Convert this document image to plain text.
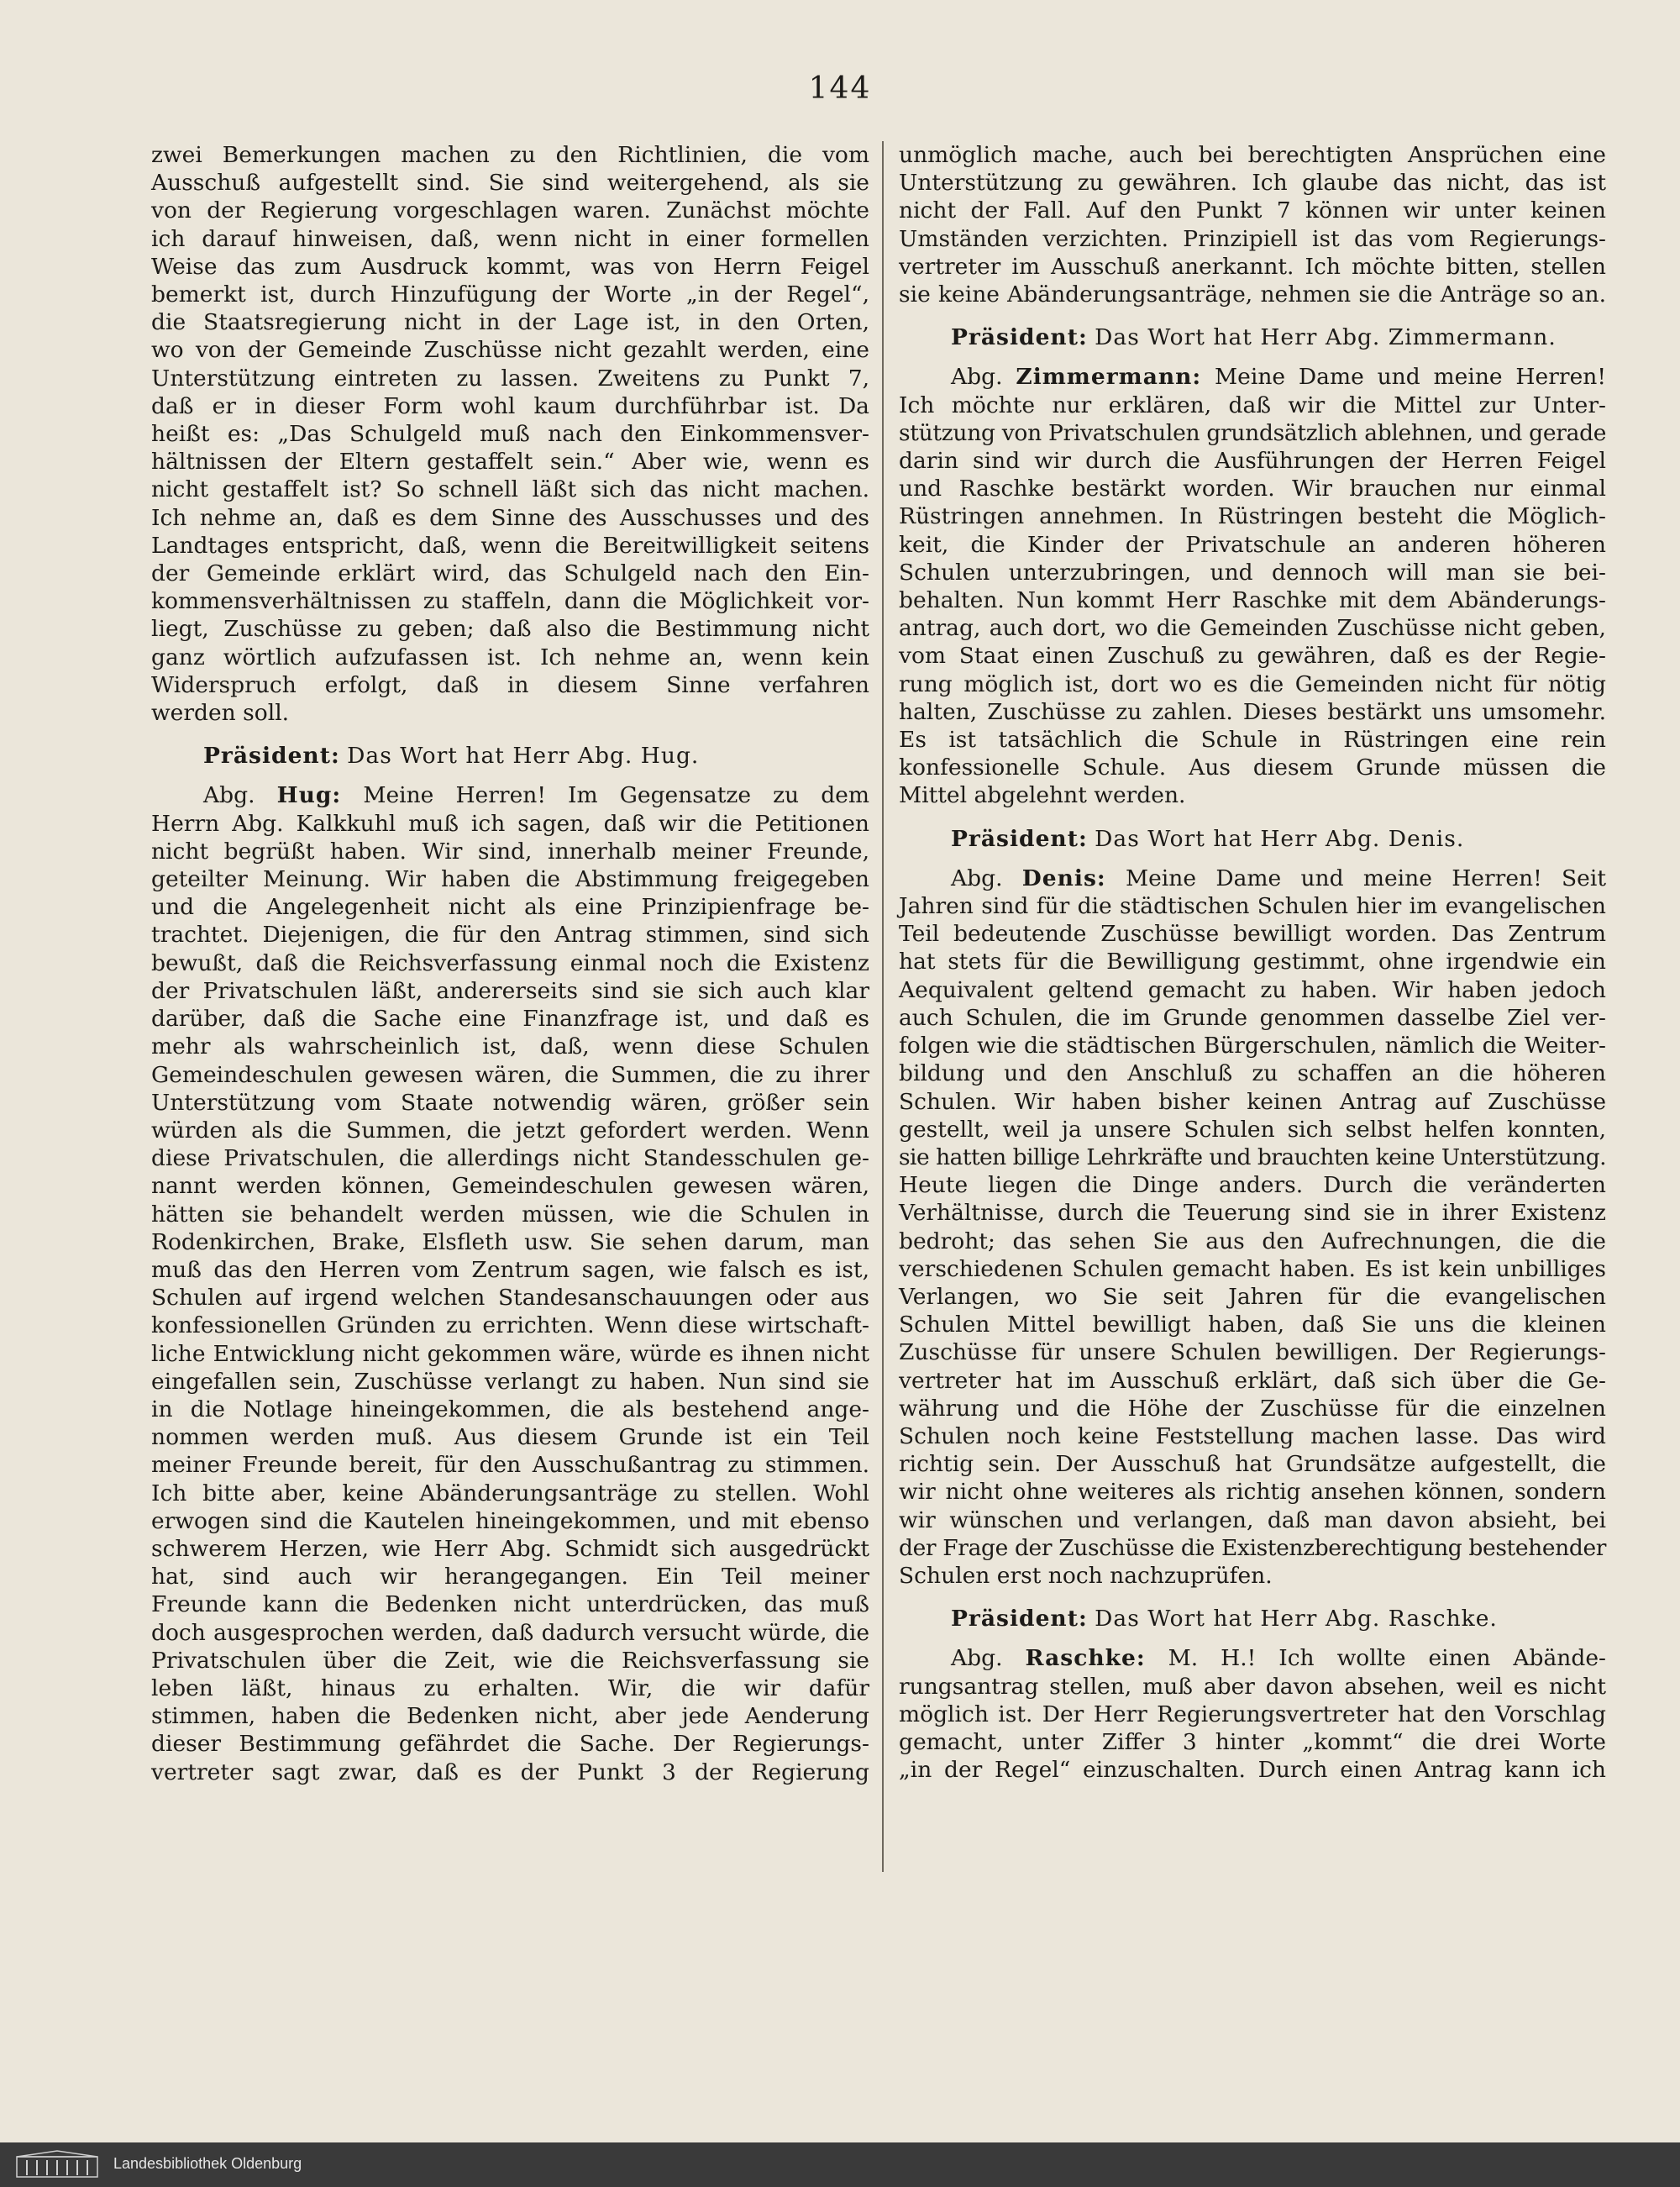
144
zwei Bemerkungen machen zu den Richtlinien, die vom
Ausschuß aufgestellt sind. Sie sind weitergehend, als sie
von der Regierung vorgeschlagen waren. Zunächst möchte
ich darauf hinweisen, daß, wenn nicht in einer formellen
Weise das zum Ausdruck kommt, was von Herrn Feigel
bemerkt ist, durch Hinzufügung der Worte „in der Regel“,
die Staatsregierung nicht in der Lage ist, in den Orten,
wo von der Gemeinde Zuschüsse nicht gezahlt werden, eine
Unterstützung eintreten zu lassen. Zweitens zu Punkt 7,
daß er in dieser Form wohl kaum durchführbar ist. Da
heißt es: „Das Schulgeld muß nach den Einkommensver-
hältnissen der Eltern gestaffelt sein.“ Aber wie, wenn es
nicht gestaffelt ist? So schnell läßt sich das nicht machen.
Ich nehme an, daß es dem Sinne des Ausschusses und des
Landtages entspricht, daß, wenn die Bereitwilligkeit seitens
der Gemeinde erklärt wird, das Schulgeld nach den Ein-
kommensverhältnissen zu staffeln, dann die Möglichkeit vor-
liegt, Zuschüsse zu geben; daß also die Bestimmung nicht
ganz wörtlich aufzufassen ist. Ich nehme an, wenn kein
Widerspruch erfolgt, daß in diesem Sinne verfahren
werden soll.
Präsident: Das Wort hat Herr Abg. Hug.
Abg. Hug: Meine Herren! Im Gegensatze zu dem
Herrn Abg. Kalkkuhl muß ich sagen, daß wir die Petitionen
nicht begrüßt haben. Wir sind, innerhalb meiner Freunde,
geteilter Meinung. Wir haben die Abstimmung freigegeben
und die Angelegenheit nicht als eine Prinzipienfrage be-
trachtet. Diejenigen, die für den Antrag stimmen, sind sich
bewußt, daß die Reichsverfassung einmal noch die Existenz
der Privatschulen läßt, andererseits sind sie sich auch klar
darüber, daß die Sache eine Finanzfrage ist, und daß es
mehr als wahrscheinlich ist, daß, wenn diese Schulen
Gemeindeschulen gewesen wären, die Summen, die zu ihrer
Unterstützung vom Staate notwendig wären, größer sein
würden als die Summen, die jetzt gefordert werden. Wenn
diese Privatschulen, die allerdings nicht Standesschulen ge-
nannt werden können, Gemeindeschulen gewesen wären,
hätten sie behandelt werden müssen, wie die Schulen in
Rodenkirchen, Brake, Elsfleth usw. Sie sehen darum, man
muß das den Herren vom Zentrum sagen, wie falsch es ist,
Schulen auf irgend welchen Standesanschauungen oder aus
konfessionellen Gründen zu errichten. Wenn diese wirtschaft-
liche Entwicklung nicht gekommen wäre, würde es ihnen nicht
eingefallen sein, Zuschüsse verlangt zu haben. Nun sind sie
in die Notlage hineingekommen, die als bestehend ange-
nommen werden muß. Aus diesem Grunde ist ein Teil
meiner Freunde bereit, für den Ausschußantrag zu stimmen.
Ich bitte aber, keine Abänderungsanträge zu stellen. Wohl
erwogen sind die Kautelen hineingekommen, und mit ebenso
schwerem Herzen, wie Herr Abg. Schmidt sich ausgedrückt
hat, sind auch wir herangegangen. Ein Teil meiner
Freunde kann die Bedenken nicht unterdrücken, das muß
doch ausgesprochen werden, daß dadurch versucht würde, die
Privatschulen über die Zeit, wie die Reichsverfassung sie
leben läßt, hinaus zu erhalten. Wir, die wir dafür
stimmen, haben die Bedenken nicht, aber jede Aenderung
dieser Bestimmung gefährdet die Sache. Der Regierungs-
vertreter sagt zwar, daß es der Punkt 3 der Regierung
unmöglich mache, auch bei berechtigten Ansprüchen eine
Unterstützung zu gewähren. Ich glaube das nicht, das ist
nicht der Fall. Auf den Punkt 7 können wir unter keinen
Umständen verzichten. Prinzipiell ist das vom Regierungs-
vertreter im Ausschuß anerkannt. Ich möchte bitten, stellen
sie keine Abänderungsanträge, nehmen sie die Anträge so an.
Präsident: Das Wort hat Herr Abg. Zimmermann.
Abg. Zimmermann: Meine Dame und meine Herren!
Ich möchte nur erklären, daß wir die Mittel zur Unter-
stützung von Privatschulen grundsätzlich ablehnen, und gerade
darin sind wir durch die Ausführungen der Herren Feigel
und Raschke bestärkt worden. Wir brauchen nur einmal
Rüstringen annehmen. In Rüstringen besteht die Möglich-
keit, die Kinder der Privatschule an anderen höheren
Schulen unterzubringen, und dennoch will man sie bei-
behalten. Nun kommt Herr Raschke mit dem Abänderungs-
antrag, auch dort, wo die Gemeinden Zuschüsse nicht geben,
vom Staat einen Zuschuß zu gewähren, daß es der Regie-
rung möglich ist, dort wo es die Gemeinden nicht für nötig
halten, Zuschüsse zu zahlen. Dieses bestärkt uns umsomehr.
Es ist tatsächlich die Schule in Rüstringen eine rein
konfessionelle Schule. Aus diesem Grunde müssen die
Mittel abgelehnt werden.
Präsident: Das Wort hat Herr Abg. Denis.
Abg. Denis: Meine Dame und meine Herren! Seit
Jahren sind für die städtischen Schulen hier im evangelischen
Teil bedeutende Zuschüsse bewilligt worden. Das Zentrum
hat stets für die Bewilligung gestimmt, ohne irgendwie ein
Aequivalent geltend gemacht zu haben. Wir haben jedoch
auch Schulen, die im Grunde genommen dasselbe Ziel ver-
folgen wie die städtischen Bürgerschulen, nämlich die Weiter-
bildung und den Anschluß zu schaffen an die höheren
Schulen. Wir haben bisher keinen Antrag auf Zuschüsse
gestellt, weil ja unsere Schulen sich selbst helfen konnten,
sie hatten billige Lehrkräfte und brauchten keine Unterstützung.
Heute liegen die Dinge anders. Durch die veränderten
Verhältnisse, durch die Teuerung sind sie in ihrer Existenz
bedroht; das sehen Sie aus den Aufrechnungen, die die
verschiedenen Schulen gemacht haben. Es ist kein unbilliges
Verlangen, wo Sie seit Jahren für die evangelischen
Schulen Mittel bewilligt haben, daß Sie uns die kleinen
Zuschüsse für unsere Schulen bewilligen. Der Regierungs-
vertreter hat im Ausschuß erklärt, daß sich über die Ge-
währung und die Höhe der Zuschüsse für die einzelnen
Schulen noch keine Feststellung machen lasse. Das wird
richtig sein. Der Ausschuß hat Grundsätze aufgestellt, die
wir nicht ohne weiteres als richtig ansehen können, sondern
wir wünschen und verlangen, daß man davon absieht, bei
der Frage der Zuschüsse die Existenzberechtigung bestehender
Schulen erst noch nachzuprüfen.
Präsident: Das Wort hat Herr Abg. Raschke.
Abg. Raschke: M. H.! Ich wollte einen Abände-
rungsantrag stellen, muß aber davon absehen, weil es nicht
möglich ist. Der Herr Regierungsvertreter hat den Vorschlag
gemacht, unter Ziffer 3 hinter „kommt“ die drei Worte
„in der Regel“ einzuschalten. Durch einen Antrag kann ich
Landesbibliothek Oldenburg
